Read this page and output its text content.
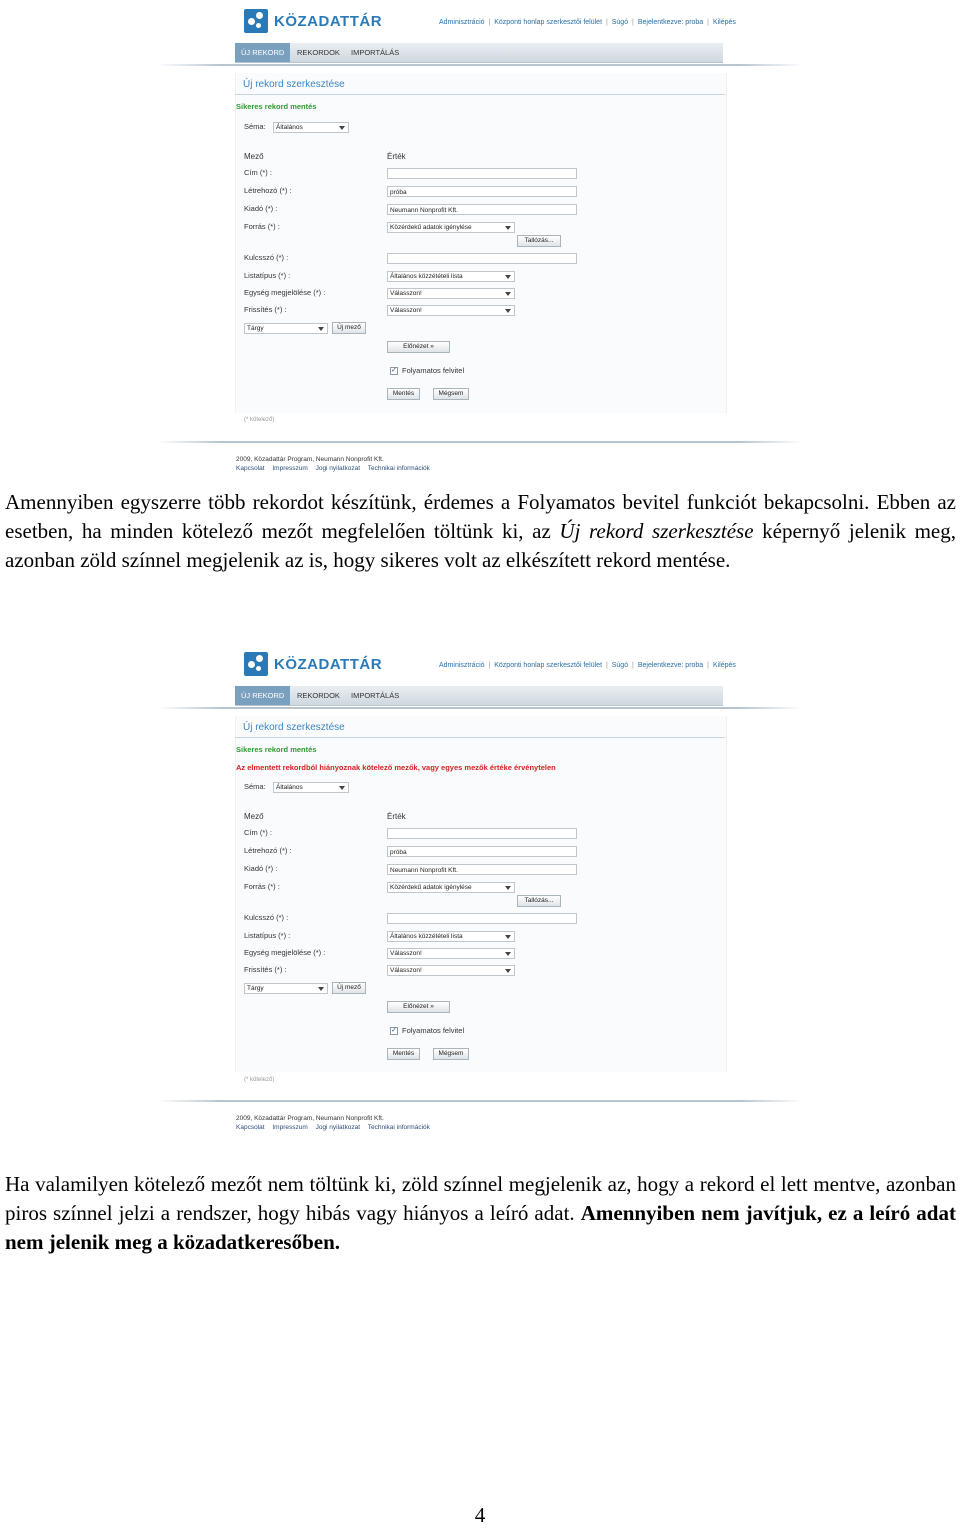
KÖZADATTÁR	Adminisztráció | Központi honlap szerkesztői felület | Súgó | Bejelentkezve: proba | Kilépés
ÚJ REKORD	REKORDOK	IMPORTÁLÁS
Új rekord szerkesztése
Sikeres rekord mentés
Séma:	Általános
Mező	Érték
Cím (*) :
Létrehozó (*) :	próba
Kiadó (*) :	Neumann Nonprofit Kft.
Forrás (*) :	Közérdekű adatok igénylése
Tallózás...
Kulcsszó (*) :
Listatípus (*) :	Általános közzétételi lista
Egység megjelölése (*) :	Válasszon!
Frissítés (*) :	Válasszon!
Tárgy	Új mező
Előnézet »
✓ Folyamatos felvitel
Mentés	Mégsem
(* kötelező)
2009, Közadattár Program, Neumann Nonprofit Kft.
Kapcsolat Impresszum Jogi nyilatkozat Technikai információk
Amennyiben egyszerre több rekordot készítünk, érdemes a Folyamatos bevitel funkciót bekapcsolni. Ebben az esetben, ha minden kötelező mezőt megfelelően töltünk ki, az Új rekord szerkesztése képernyő jelenik meg, azonban zöld színnel megjelenik az is, hogy sikeres volt az elkészített rekord mentése.
KÖZADATTÁR	Adminisztráció | Központi honlap szerkesztői felület | Súgó | Bejelentkezve: proba | Kilépés
ÚJ REKORD	REKORDOK	IMPORTÁLÁS
Új rekord szerkesztése
Sikeres rekord mentés
Az elmentett rekordból hiányoznak kötelező mezők, vagy egyes mezők értéke érvénytelen
Séma:	Általános
Mező	Érték
Cím (*) :
Létrehozó (*) :	próba
Kiadó (*) :	Neumann Nonprofit Kft.
Forrás (*) :	Közérdekű adatok igénylése
Tallózás...
Kulcsszó (*) :
Listatípus (*) :	Általános közzétételi lista
Egység megjelölése (*) :	Válasszon!
Frissítés (*) :	Válasszon!
Tárgy	Új mező
Előnézet »
✓ Folyamatos felvitel
Mentés	Mégsem
(* kötelező)
2009, Közadattár Program, Neumann Nonprofit Kft.
Kapcsolat Impresszum Jogi nyilatkozat Technikai információk
Ha valamilyen kötelező mezőt nem töltünk ki, zöld színnel megjelenik az, hogy a rekord el lett mentve, azonban piros színnel jelzi a rendszer, hogy hibás vagy hiányos a leíró adat. Amennyiben nem javítjuk, ez a leíró adat nem jelenik meg a közadatkeresőben.
4
